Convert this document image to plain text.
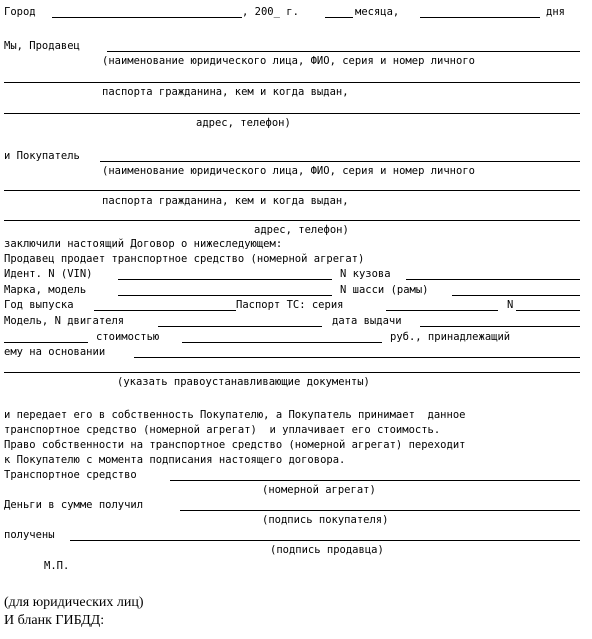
Город	, 200_ г.	месяца,	дня
Мы, Продавец
(наименование юридического лица, ФИО, серия и номер личного
паспорта гражданина, кем и когда выдан,
адрес, телефон)
и Покупатель
(наименование юридического лица, ФИО, серия и номер личного
паспорта гражданина, кем и когда выдан,
адрес, телефон)
заключили настоящий Договор о нижеследующем:
Продавец продает транспортное средство (номерной агрегат)
Идент. N (VIN)	N кузова
Марка, модель	N шасси (рамы)
Год выпуска	Паспорт ТС: серия	N
Модель, N двигателя	дата выдачи
стоимостью	руб., принадлежащий
ему на основании
(указать правоустанавливающие документы)
и передает его в собственность Покупателю, а Покупатель принимает  данное
транспортное средство (номерной агрегат)  и уплачивает его стоимость.
Право собственности на транспортное средство (номерной агрегат) переходит
к Покупателю с момента подписания настоящего договора.
Транспортное средство
(номерной агрегат)
Деньги в сумме получил
(подпись покупателя)
получены
(подпись продавца)
М.П.
(для юридических лиц)
И бланк ГИБДД:
